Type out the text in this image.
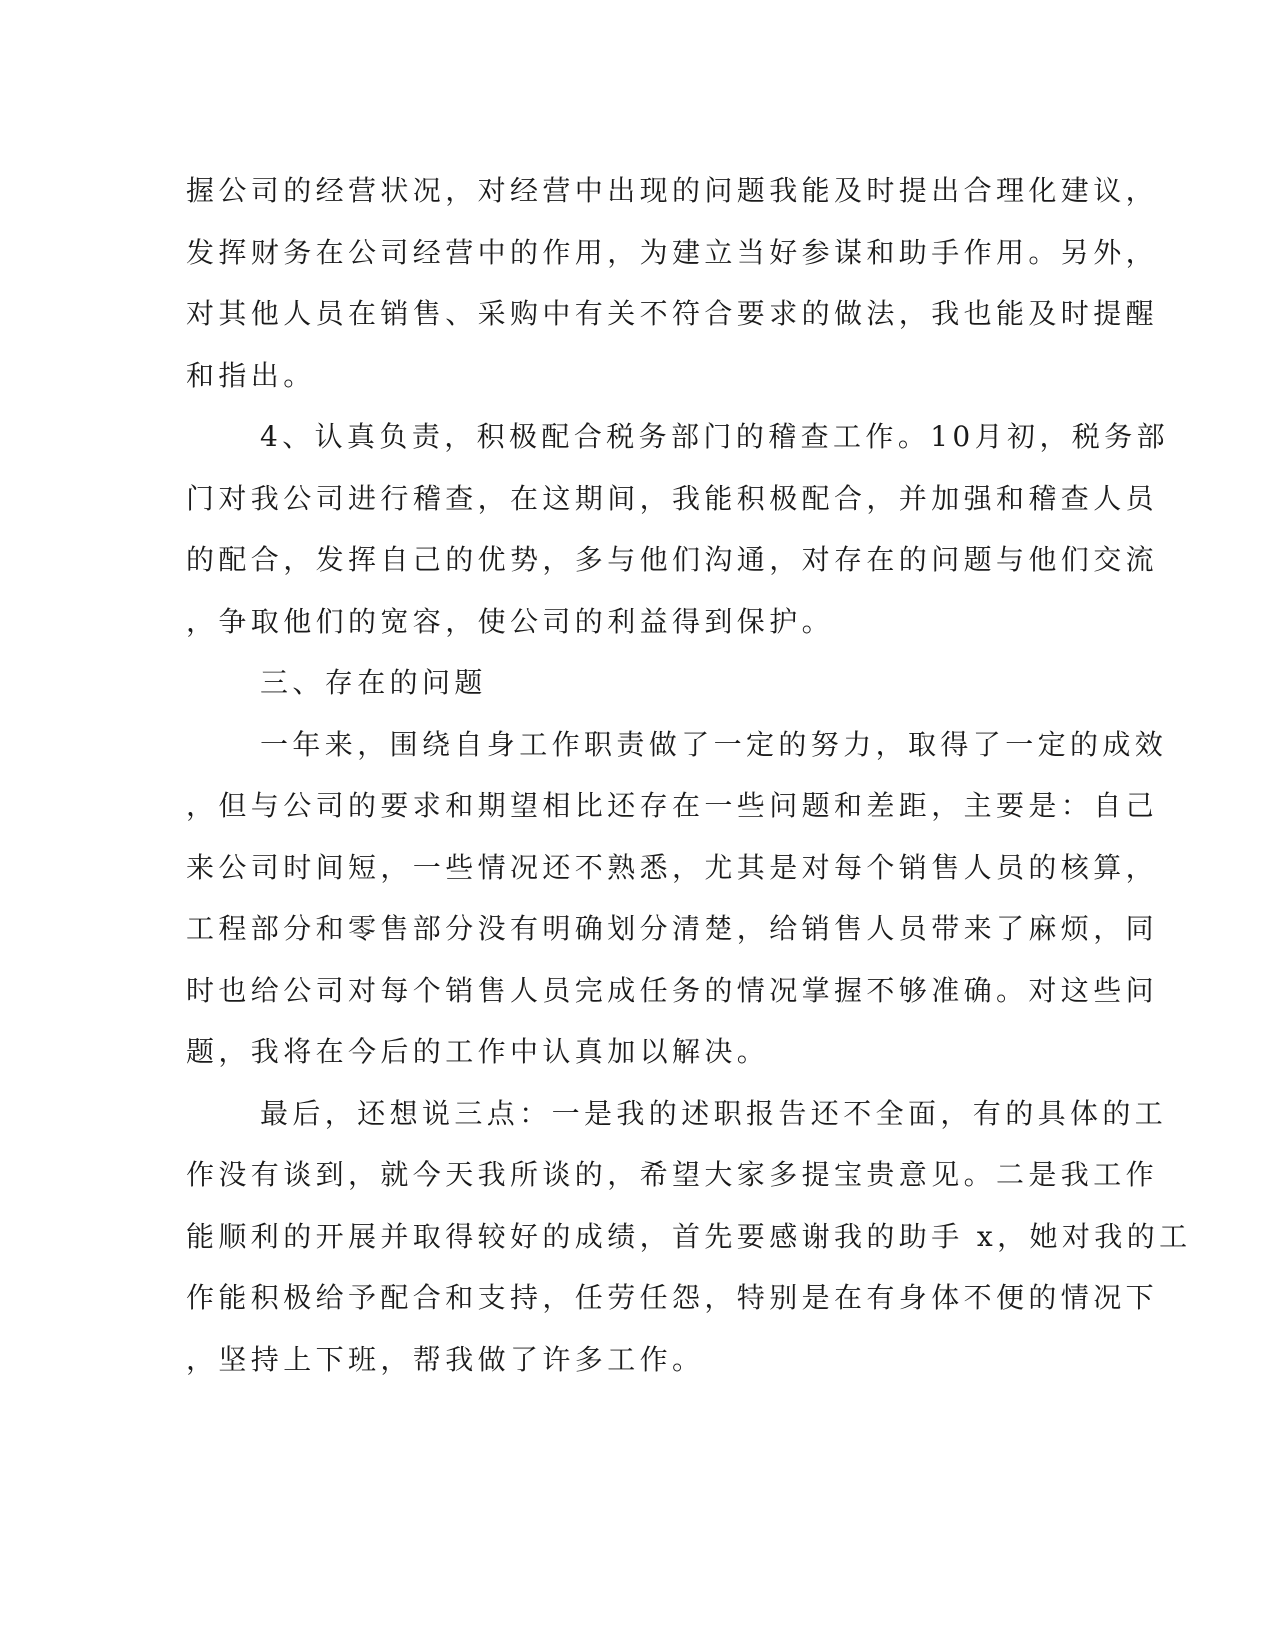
握公司的经营状况，对经营中出现的问题我能及时提出合理化建议，
发挥财务在公司经营中的作用，为建立当好参谋和助手作用。另外，
对其他人员在销售、采购中有关不符合要求的做法，我也能及时提醒
和指出。
4、认真负责，积极配合税务部门的稽查工作。10月初，税务部
门对我公司进行稽查，在这期间，我能积极配合，并加强和稽查人员
的配合，发挥自己的优势，多与他们沟通，对存在的问题与他们交流
，争取他们的宽容，使公司的利益得到保护。
三、存在的问题
一年来，围绕自身工作职责做了一定的努力，取得了一定的成效
，但与公司的要求和期望相比还存在一些问题和差距，主要是：自己
来公司时间短，一些情况还不熟悉，尤其是对每个销售人员的核算，
工程部分和零售部分没有明确划分清楚，给销售人员带来了麻烦，同
时也给公司对每个销售人员完成任务的情况掌握不够准确。对这些问
题，我将在今后的工作中认真加以解决。
最后，还想说三点：一是我的述职报告还不全面，有的具体的工
作没有谈到，就今天我所谈的，希望大家多提宝贵意见。二是我工作
能顺利的开展并取得较好的成绩，首先要感谢我的助手 x，她对我的工
作能积极给予配合和支持，任劳任怨，特别是在有身体不便的情况下
，坚持上下班，帮我做了许多工作。
